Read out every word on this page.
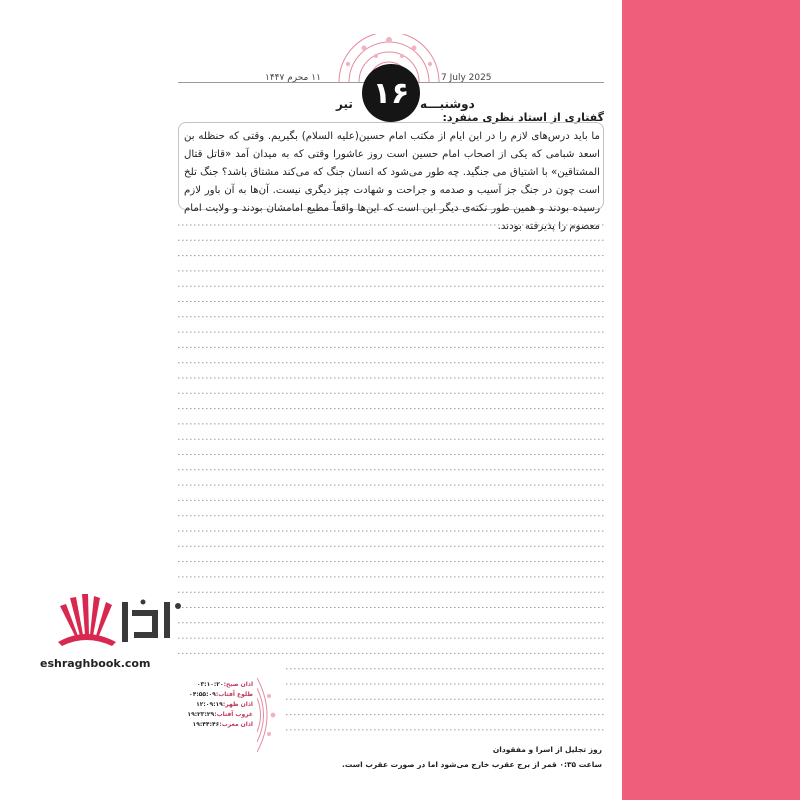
7 July 2025
۱۱ محرم ۱۴۴۷	۱۶ دوشنبـــه
تیر
گفتاری از استاد نظری منفرد:
ما باید درس‌های لازم را در این ایام از مکتب امام حسین(علیه السلام) بگیریم. وقتی که حنظله بن اسعد شبامی که یکی از اصحاب امام حسین است روز عاشورا وقتی که به میدان آمد «قاتل قتال المشتاقین» با اشتیاق می جنگید. چه طور می‌شود که انسان جنگ که می‌کند مشتاق باشد؟ جنگ تلخ است چون در جنگ جز آسیب و صدمه و جراحت و شهادت چیز دیگری نیست. آن‌ها به آن باور لازم رسیده بودند و همین طور نکته‌ی دیگر این است که این‌ها واقعاً مطیع امامشان بودند و ولایت امام معصوم را پذیرفته بودند.
eshraghbook.com
اذان صبح:۰۳:۱۰:۲۰
طلوع آفتاب:۰۴:۵۵:۰۹
اذان ظهر:۱۲:۰۹:۱۹
غروب آفتاب:۱۹:۲۳:۲۹
اذان مغرب:۱۹:۴۴:۴۶
روز تجلیل از اسرا و مفقودان
ساعت ۰:۳۵ قمر از برج عقرب خارج می‌شود اما در صورت عقرب است.
